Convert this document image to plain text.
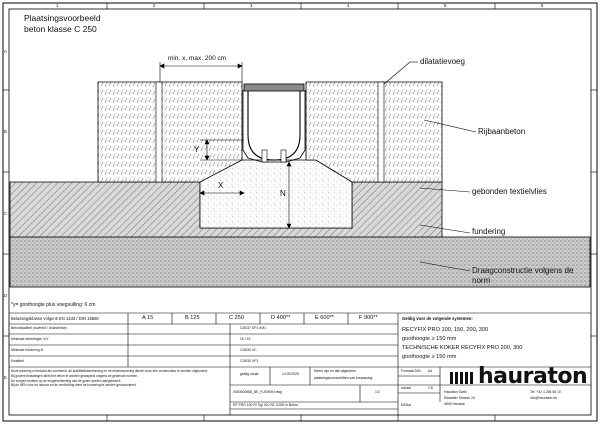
1	2	3	4	5	6
A
B
C
D
E
Plaatsingsvoorbeeld
beton klasse C 250
min. x, max. 200 cm
Y
X
N
dilatatievoeg
Rijbaanbeton
gebonden textielvlies
fundering
Draagconstructie volgens de
norm
*y= goothoogte plus voegvulling: 6 cm
Belastingsklasse volgens EN 1433 / DIN 19580	A 15	B 125	C 250	D 400**	E 600**	F 900**
Betonkwaliteit (ruwheid / druksterkte)	C30/37 XF4 XM1
Minimale afmetingen X/Y	15 / 15
Minimale fundering N	C25/30 XC
Kwaliteit	C25/30 XF3
Geldig voor de volgende systemen:
RECYFIX PRO 100, 150, 200, 300
goothoogte ≥ 150 mm
TECHNISCHE KOKER RECYFIX PRO 200, 300
goothoogte ≥ 150 mm
Deze tekening is bedoeld als voorbeeld, de stabiliteitsberekening en de dimensionering dienen door een constructeur te worden uitgevoerd.
Bij grotere belastingen dient het beton te worden gewapend volgens de geldende normen.
De voegen moeten op de lengteverbinding van de goten worden aangebracht.
Bij de NEN voor de inbouw en de verdichting dient de fundering te worden gecontroleerd.
geldig vanaf:	14.09.2025
Neem zijn en alle algemene
plaatsingsvoorschriften van toepassing
0000000688_BE_FLEMISH.dwg	1/2
RF PRO 100 Ri Typ 010 R1 C25D in Beton
Formaat DIN A4
schaal	1:5
E83ba
hauraton
Hauraton Sarls
Rastatter Strasse 24
4845 Haudrat
Tel. +32 4 256 56 10
info@hauraton.be
